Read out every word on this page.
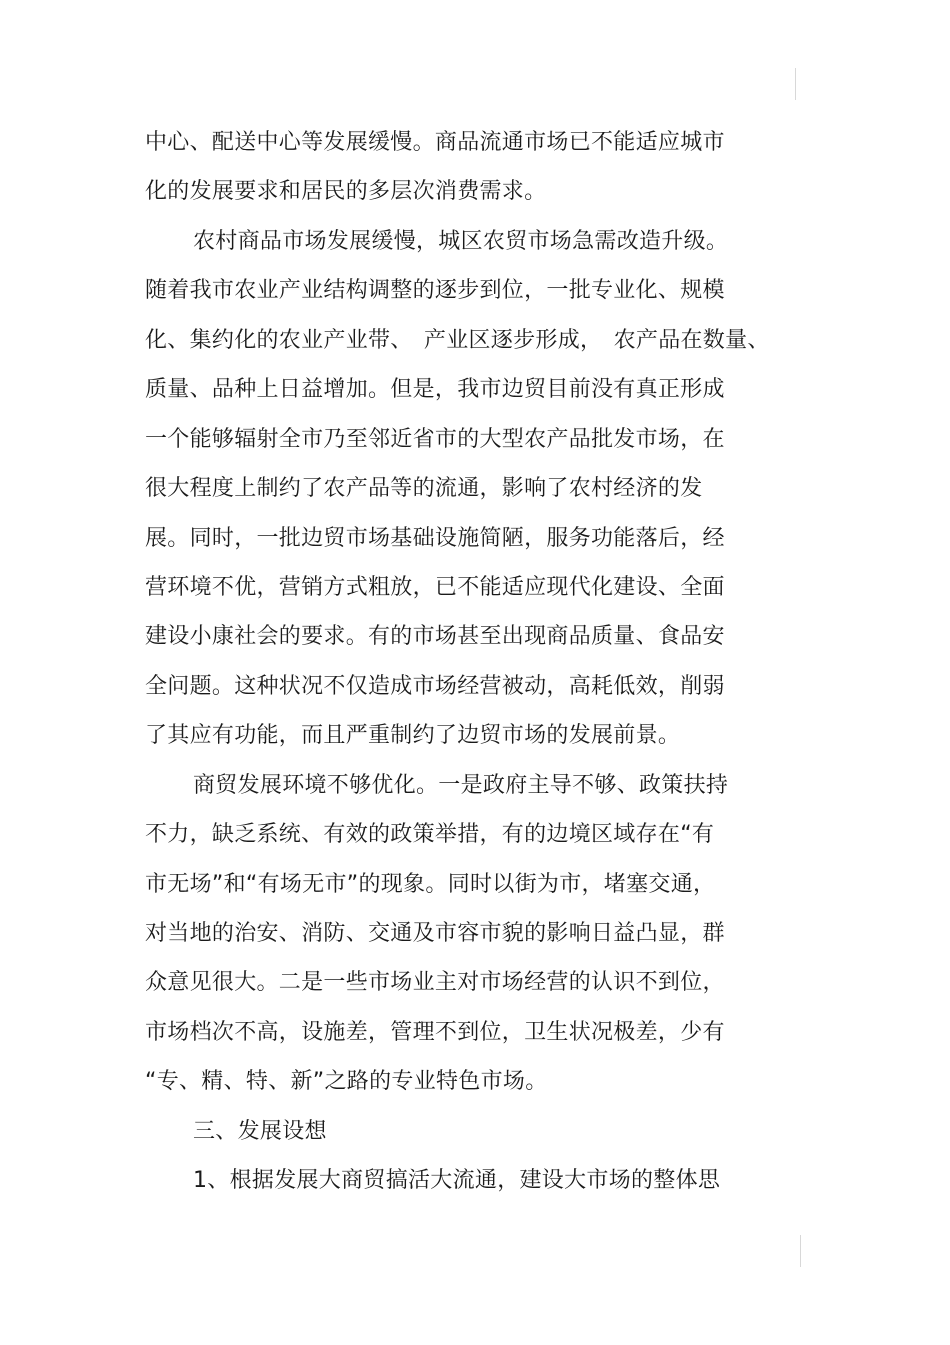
中心、配送中心等发展缓慢。商品流通市场已不能适应城市
化的发展要求和居民的多层次消费需求。
农村商品市场发展缓慢，城区农贸市场急需改造升级。
随着我市农业产业结构调整的逐步到位，一批专业化、规模
化、集约化的农业产业带、　产业区逐步形成，　农产品在数量、
质量、品种上日益增加。但是，我市边贸目前没有真正形成
一个能够辐射全市乃至邻近省市的大型农产品批发市场，在
很大程度上制约了农产品等的流通，影响了农村经济的发
展。同时，一批边贸市场基础设施简陋，服务功能落后，经
营环境不优，营销方式粗放，已不能适应现代化建设、全面
建设小康社会的要求。有的市场甚至出现商品质量、食品安
全问题。这种状况不仅造成市场经营被动，高耗低效，削弱
了其应有功能，而且严重制约了边贸市场的发展前景。
商贸发展环境不够优化。一是政府主导不够、政策扶持
不力，缺乏系统、有效的政策举措，有的边境区域存在“有
市无场”和“有场无市”的现象。同时以街为市，堵塞交通，
对当地的治安、消防、交通及市容市貌的影响日益凸显，群
众意见很大。二是一些市场业主对市场经营的认识不到位，
市场档次不高，设施差，管理不到位，卫生状况极差，少有
“专、精、特、新”之路的专业特色市场。
三、发展设想
1、根据发展大商贸搞活大流通，建设大市场的整体思
